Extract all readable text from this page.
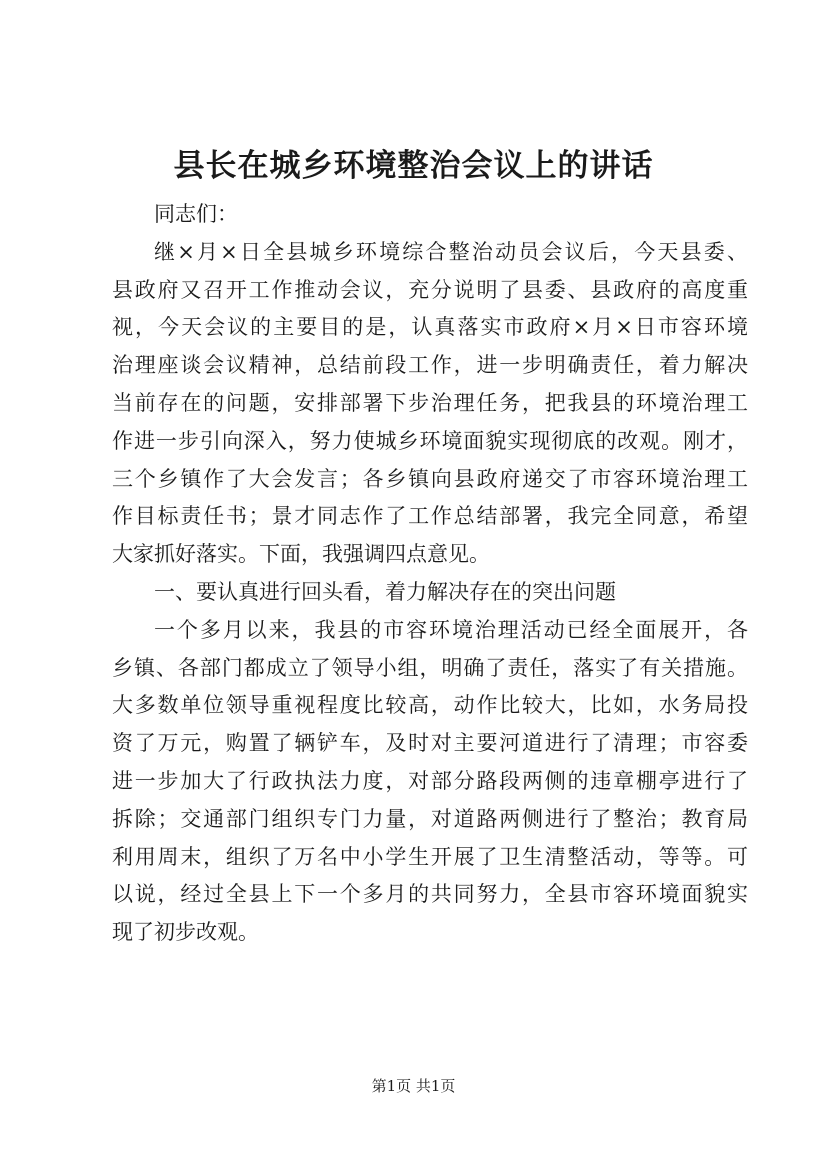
县长在城乡环境整治会议上的讲话
同志们：
继×月×日全县城乡环境综合整治动员会议后，今天县委、
县政府又召开工作推动会议，充分说明了县委、县政府的高度重
视，今天会议的主要目的是，认真落实市政府×月×日市容环境
治理座谈会议精神，总结前段工作，进一步明确责任，着力解决
当前存在的问题，安排部署下步治理任务，把我县的环境治理工
作进一步引向深入，努力使城乡环境面貌实现彻底的改观。刚才，
三个乡镇作了大会发言；各乡镇向县政府递交了市容环境治理工
作目标责任书；景才同志作了工作总结部署，我完全同意，希望
大家抓好落实。下面，我强调四点意见。
一、要认真进行回头看，着力解决存在的突出问题
一个多月以来，我县的市容环境治理活动已经全面展开，各
乡镇、各部门都成立了领导小组，明确了责任，落实了有关措施。
大多数单位领导重视程度比较高，动作比较大，比如，水务局投
资了万元，购置了辆铲车，及时对主要河道进行了清理；市容委
进一步加大了行政执法力度，对部分路段两侧的违章棚亭进行了
拆除；交通部门组织专门力量，对道路两侧进行了整治；教育局
利用周末，组织了万名中小学生开展了卫生清整活动，等等。可
以说，经过全县上下一个多月的共同努力，全县市容环境面貌实
现了初步改观。
第1页 共1页
